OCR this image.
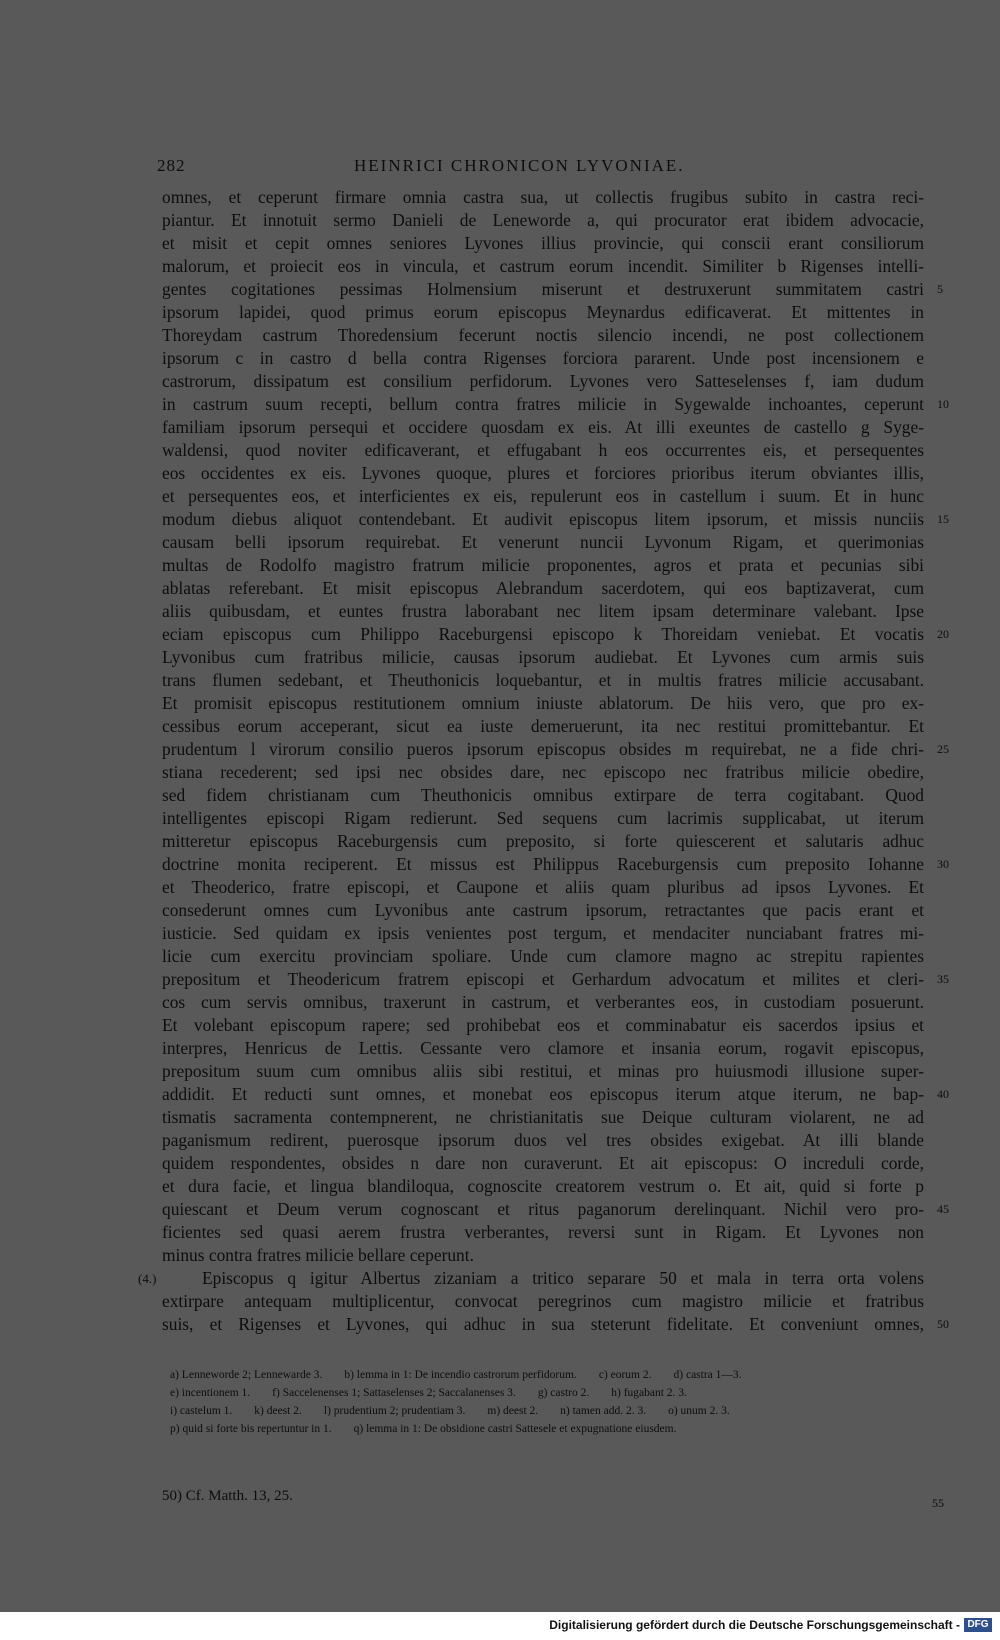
282	HEINRICI CHRONICON LYVONIAE.
omnes, et ceperunt firmare omnia castra sua, ut collectis frugibus subito in castra reci-
piantur. Et innotuit sermo Danieli de Leneworde a, qui procurator erat ibidem advocacie,
et misit et cepit omnes seniores Lyvones illius provincie, qui conscii erant consiliorum
malorum, et proiecit eos in vincula, et castrum eorum incendit. Similiter b Rigenses intelli-
gentes cogitationes pessimas Holmensium miserunt et destruxerunt summitatem castri 5
ipsorum lapidei, quod primus eorum episcopus Meynardus edificaverat. Et mittentes in
Thoreydam castrum Thoredensium fecerunt noctis silencio incendi, ne post collectionem
ipsorum c in castro d bella contra Rigenses forciora pararent. Unde post incensionem e
castrorum, dissipatum est consilium perfidorum. Lyvones vero Satteselenses f, iam dudum
in castrum suum recepti, bellum contra fratres milicie in Sygewalde inchoantes, ceperunt 10
familiam ipsorum persequi et occidere quosdam ex eis. At illi exeuntes de castello g Syge-
waldensi, quod noviter edificaverant, et effugabant h eos occurrentes eis, et persequentes
eos occidentes ex eis. Lyvones quoque, plures et forciores prioribus iterum obviantes illis,
et persequentes eos, et interficientes ex eis, repulerunt eos in castellum i suum. Et in hunc
modum diebus aliquot contendebant. Et audivit episcopus litem ipsorum, et missis nunciis 15
causam belli ipsorum requirebat. Et venerunt nuncii Lyvonum Rigam, et querimonias
multas de Rodolfo magistro fratrum milicie proponentes, agros et prata et pecunias sibi
ablatas referebant. Et misit episcopus Alebrandum sacerdotem, qui eos baptizaverat, cum
aliis quibusdam, et euntes frustra laborabant nec litem ipsam determinare valebant. Ipse
eciam episcopus cum Philippo Raceburgensi episcopo k Thoreidam veniebat. Et vocatis 20
Lyvonibus cum fratribus milicie, causas ipsorum audiebat. Et Lyvones cum armis suis
trans flumen sedebant, et Theuthonicis loquebantur, et in multis fratres milicie accusabant.
Et promisit episcopus restitutionem omnium iniuste ablatorum. De hiis vero, que pro ex-
cessibus eorum acceperant, sicut ea iuste demeruerunt, ita nec restitui promittebantur. Et
prudentum l virorum consilio pueros ipsorum episcopus obsides m requirebat, ne a fide chri- 25
stiana recederent; sed ipsi nec obsides dare, nec episcopo nec fratribus milicie obedire,
sed fidem christianam cum Theuthonicis omnibus extirpare de terra cogitabant. Quod
intelligentes episcopi Rigam redierunt. Sed sequens cum lacrimis supplicabat, ut iterum
mitteretur episcopus Raceburgensis cum preposito, si forte quiescerent et salutaris adhuc
doctrine monita reciperent. Et missus est Philippus Raceburgensis cum preposito Iohanne 30
et Theoderico, fratre episcopi, et Caupone et aliis quam pluribus ad ipsos Lyvones. Et
consederunt omnes cum Lyvonibus ante castrum ipsorum, retractantes que pacis erant et
iusticie. Sed quidam ex ipsis venientes post tergum, et mendaciter nunciabant fratres mi-
licie cum exercitu provinciam spoliare. Unde cum clamore magno ac strepitu rapientes
prepositum et Theodericum fratrem episcopi et Gerhardum advocatum et milites et cleri- 35
cos cum servis omnibus, traxerunt in castrum, et verberantes eos, in custodiam posuerunt.
Et volebant episcopum rapere; sed prohibebat eos et comminabatur eis sacerdos ipsius et
interpres, Henricus de Lettis. Cessante vero clamore et insania eorum, rogavit episcopus,
prepositum suum cum omnibus aliis sibi restitui, et minas pro huiusmodi illusione super-
addidit. Et reducti sunt omnes, et monebat eos episcopus iterum atque iterum, ne bap- 40
tismatis sacramenta contempnerent, ne christianitatis sue Deique culturam violarent, ne ad
paganismum redirent, puerosque ipsorum duos vel tres obsides exigebat. At illi blande
quidem respondentes, obsides n dare non curaverunt. Et ait episcopus: O increduli corde,
et dura facie, et lingua blandiloqua, cognoscite creatorem vestrum o. Et ait, quid si forte p
quiescant et Deum verum cognoscant et ritus paganorum derelinquant. Nichil vero pro- 45
ficientes sed quasi aerem frustra verberantes, reversi sunt in Rigam. Et Lyvones non
minus contra fratres milicie bellare ceperunt.
Episcopus q igitur Albertus zizaniam a tritico separare 50 et mala in terra orta volens
(4.)
extirpare antequam multiplicentur, convocat peregrinos cum magistro milicie et fratribus
suis, et Rigenses et Lyvones, qui adhuc in sua steterunt fidelitate. Et conveniunt omnes, 50
a) Lenneworde 2; Lennewarde 3. b) lemma in 1: De incendio castrorum perfidorum. c) eorum 2. d) castra 1—3.
e) incentionem 1. f) Saccelenenses 1; Sattaselenses 2; Saccalanenses 3. g) castro 2. h) fugabant 2. 3.
i) castelum 1. k) deest 2. l) prudentium 2; prudentiam 3. m) deest 2. n) tamen add. 2. 3. o) unum 2. 3.
p) quid si forte bis repertuntur in 1. q) lemma in 1: De obsidione castri Sattesele et expugnatione eiusdem.
50) Cf. Matth. 13, 25.	55
Digitalisierung gefördert durch die Deutsche Forschungsgemeinschaft - DFG
